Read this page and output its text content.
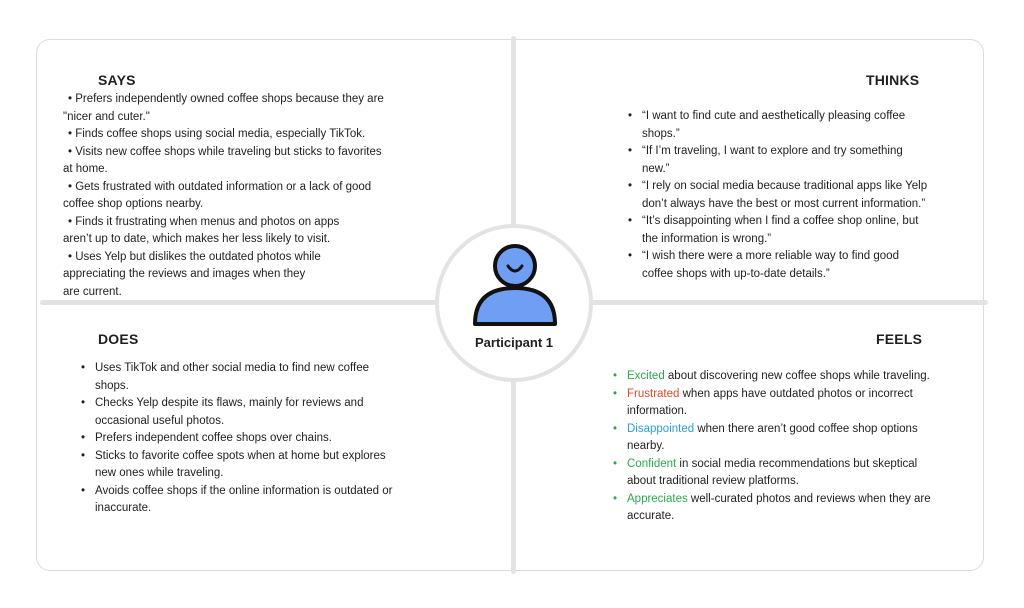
SAYS

• Prefers independently owned coffee shops because they are

"nicer and cuter."

• Finds coffee shops using social media, especially TikTok.

• Visits new coffee shops while traveling but sticks to favorites

at home.

• Gets frustrated with outdated information or a lack of good

coffee shop options nearby.

• Finds it frustrating when menus and photos on apps

aren’t up to date, which makes her less likely to visit.

• Uses Yelp but dislikes the outdated photos while

appreciating the reviews and images when they

are current.

THINKS
• “I want to find cute and aesthetically pleasing coffee shops.”
• “If I’m traveling, I want to explore and try something new.”
• “I rely on social media because traditional apps like Yelp don’t always have the best or most current information.”
• “It’s disappointing when I find a coffee shop online, but the information is wrong.”
• “I wish there were a more reliable way to find good coffee shops with up-to-date details.”
DOES
• Uses TikTok and other social media to find new coffee shops.
• Checks Yelp despite its flaws, mainly for reviews and occasional useful photos.
• Prefers independent coffee shops over chains.
• Sticks to favorite coffee spots when at home but explores new ones while traveling.
• Avoids coffee shops if the online information is outdated or inaccurate.
FEELS
• Excited about discovering new coffee shops while traveling.
• Frustrated when apps have outdated photos or incorrect information.
• Disappointed when there aren’t good coffee shop options nearby.
• Confident in social media recommendations but skeptical about traditional review platforms.
• Appreciates well-curated photos and reviews when they are accurate.
Participant 1
